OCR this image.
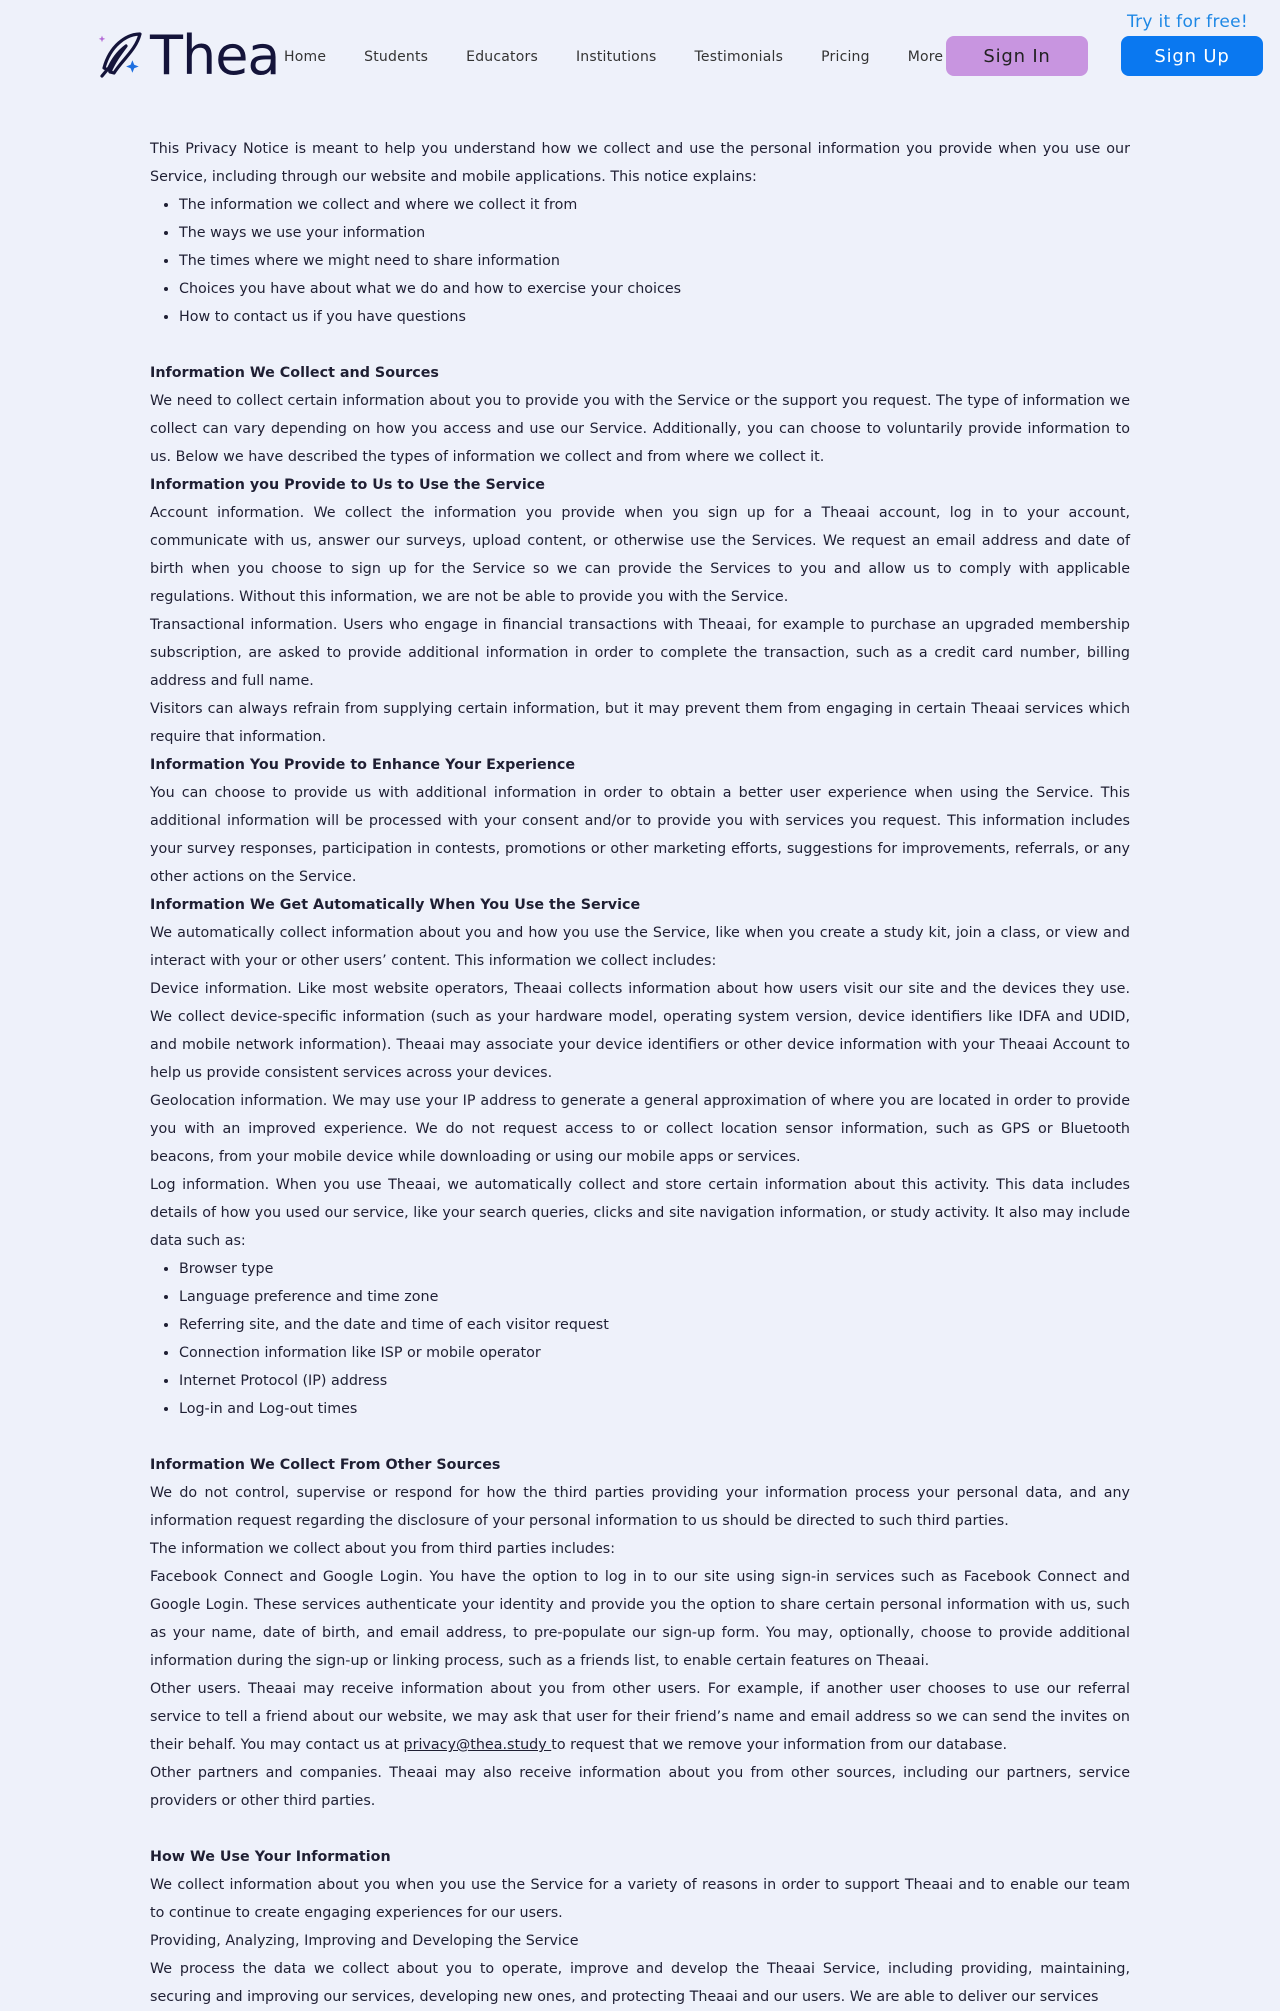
Thea Home	Students	Educators	Institutions	Testimonials	Pricing	More
Try it for free!
Sign In	Sign Up

This Privacy Notice is meant to help you understand how we collect and use the personal information you provide when you use our Service, including through our website and mobile applications. This notice explains:

• The information we collect and where we collect it from
• The ways we use your information
• The times where we might need to share information
• Choices you have about what we do and how to exercise your choices
• How to contact us if you have questions
Information We Collect and Sources

We need to collect certain information about you to provide you with the Service or the support you request. The type of information we collect can vary depending on how you access and use our Service. Additionally, you can choose to voluntarily provide information to us. Below we have described the types of information we collect and from where we collect it.

Information you Provide to Us to Use the Service

Account information. We collect the information you provide when you sign up for a Theaai account, log in to your account, communicate with us, answer our surveys, upload content, or otherwise use the Services. We request an email address and date of birth when you choose to sign up for the Service so we can provide the Services to you and allow us to comply with applicable regulations. Without this information, we are not be able to provide you with the Service.

Transactional information. Users who engage in financial transactions with Theaai, for example to purchase an upgraded membership subscription, are asked to provide additional information in order to complete the transaction, such as a credit card number, billing address and full name.

Visitors can always refrain from supplying certain information, but it may prevent them from engaging in certain Theaai services which require that information.

Information You Provide to Enhance Your Experience

You can choose to provide us with additional information in order to obtain a better user experience when using the Service. This additional information will be processed with your consent and/or to provide you with services you request. This information includes your survey responses, participation in contests, promotions or other marketing efforts, suggestions for improvements, referrals, or any other actions on the Service.

Information We Get Automatically When You Use the Service

We automatically collect information about you and how you use the Service, like when you create a study kit, join a class, or view and interact with your or other users’ content. This information we collect includes:

Device information. Like most website operators, Theaai collects information about how users visit our site and the devices they use. We collect device-specific information (such as your hardware model, operating system version, device identifiers like IDFA and UDID, and mobile network information). Theaai may associate your device identifiers or other device information with your Theaai Account to help us provide consistent services across your devices.

Geolocation information. We may use your IP address to generate a general approximation of where you are located in order to provide you with an improved experience. We do not request access to or collect location sensor information, such as GPS or Bluetooth beacons, from your mobile device while downloading or using our mobile apps or services.

Log information. When you use Theaai, we automatically collect and store certain information about this activity. This data includes details of how you used our service, like your search queries, clicks and site navigation information, or study activity. It also may include data such as:

• Browser type
• Language preference and time zone
• Referring site, and the date and time of each visitor request
• Connection information like ISP or mobile operator
• Internet Protocol (IP) address
• Log-in and Log-out times
Information We Collect From Other Sources

We do not control, supervise or respond for how the third parties providing your information process your personal data, and any information request regarding the disclosure of your personal information to us should be directed to such third parties.

The information we collect about you from third parties includes:

Facebook Connect and Google Login. You have the option to log in to our site using sign-in services such as Facebook Connect and Google Login. These services authenticate your identity and provide you the option to share certain personal information with us, such as your name, date of birth, and email address, to pre-populate our sign-up form. You may, optionally, choose to provide additional information during the sign-up or linking process, such as a friends list, to enable certain features on Theaai.

Other users. Theaai may receive information about you from other users. For example, if another user chooses to use our referral service to tell a friend about our website, we may ask that user for their friend’s name and email address so we can send the invites on their behalf. You may contact us at privacy@thea.study to request that we remove your information from our database.

Other partners and companies. Theaai may also receive information about you from other sources, including our partners, service providers or other third parties.

How We Use Your Information

We collect information about you when you use the Service for a variety of reasons in order to support Theaai and to enable our team to continue to create engaging experiences for our users.

Providing, Analyzing, Improving and Developing the Service

We process the data we collect about you to operate, improve and develop the Theaai Service, including providing, maintaining, securing and improving our services, developing new ones, and protecting Theaai and our users. We are able to deliver our services
